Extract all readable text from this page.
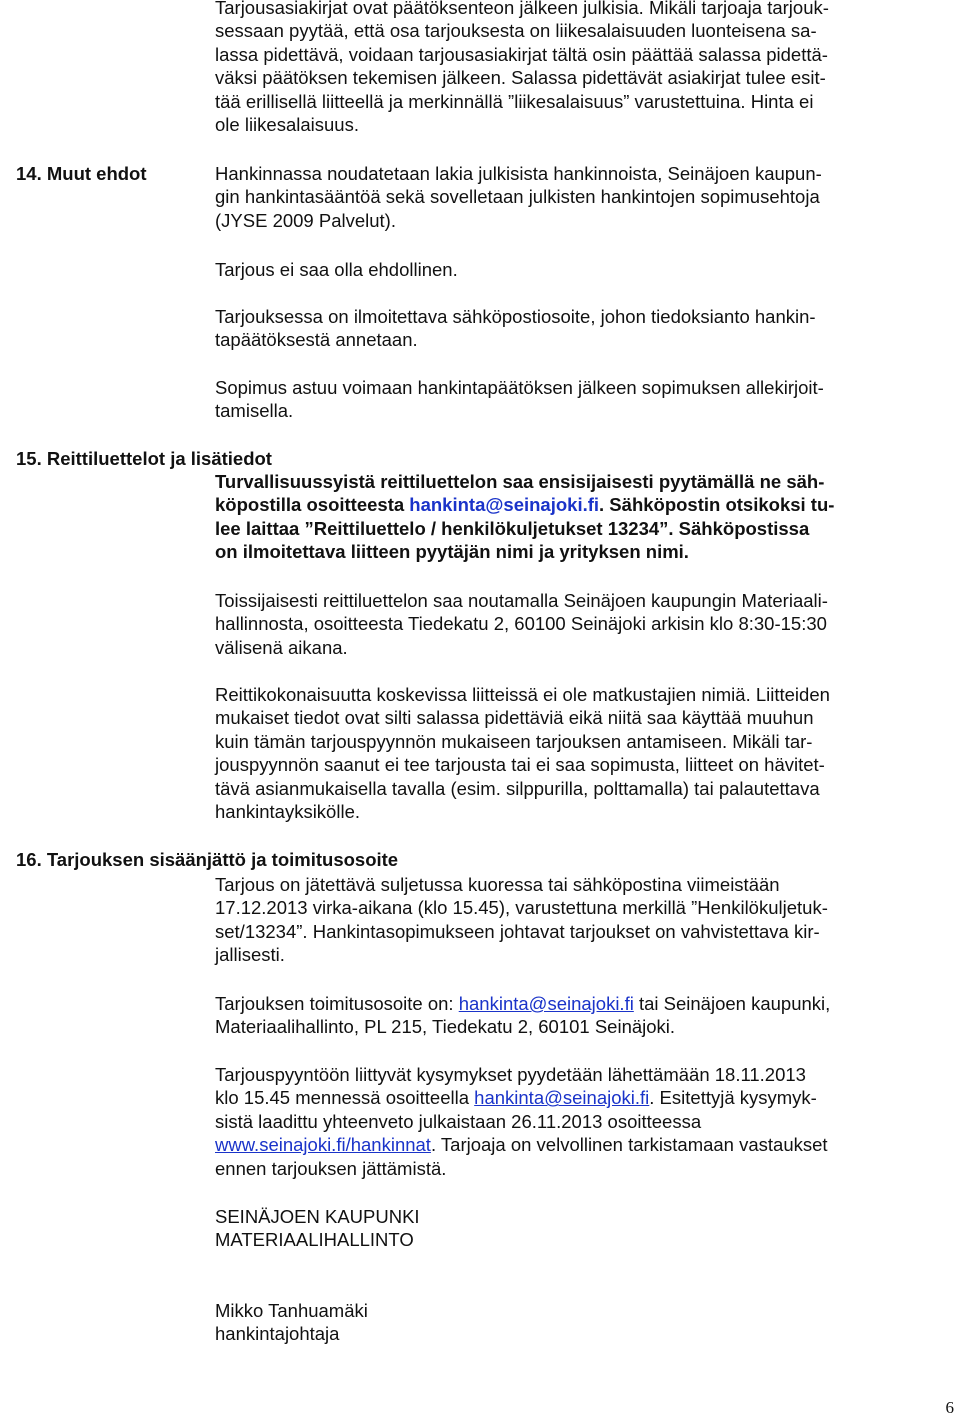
Tarjousasiakirjat ovat päätöksenteon jälkeen julkisia. Mikäli tarjoaja tarjouk-
sessaan pyytää, että osa tarjouksesta on liikesalaisuuden luonteisena sa-
lassa pidettävä, voidaan tarjousasiakirjat tältä osin päättää salassa pidettä-
väksi päätöksen tekemisen jälkeen. Salassa pidettävät asiakirjat tulee esit-
tää erillisellä liitteellä ja merkinnällä ”liikesalaisuus” varustettuina. Hinta ei
ole liikesalaisuus.
14. Muut ehdot	Hankinnassa noudatetaan lakia julkisista hankinnoista, Seinäjoen kaupun-
gin hankintasääntöä sekä sovelletaan julkisten hankintojen sopimusehtoja
(JYSE 2009 Palvelut).
Tarjous ei saa olla ehdollinen.
Tarjouksessa on ilmoitettava sähköpostiosoite, johon tiedoksianto hankin-
tapäätöksestä annetaan.
Sopimus astuu voimaan hankintapäätöksen jälkeen sopimuksen allekirjoit-
tamisella.
15. Reittiluettelot ja lisätiedot
Turvallisuussyistä reittiluettelon saa ensisijaisesti pyytämällä ne säh-
köpostilla osoitteesta hankinta@seinajoki.fi. Sähköpostin otsikoksi tu-
lee laittaa ”Reittiluettelo / henkilökuljetukset 13234”. Sähköpostissa
on ilmoitettava liitteen pyytäjän nimi ja yrityksen nimi.
Toissijaisesti reittiluettelon saa noutamalla Seinäjoen kaupungin Materiaali-
hallinnosta, osoitteesta Tiedekatu 2, 60100 Seinäjoki arkisin klo 8:30-15:30
välisenä aikana.
Reittikokonaisuutta koskevissa liitteissä ei ole matkustajien nimiä. Liitteiden
mukaiset tiedot ovat silti salassa pidettäviä eikä niitä saa käyttää muuhun
kuin tämän tarjouspyynnön mukaiseen tarjouksen antamiseen. Mikäli tar-
jouspyynnön saanut ei tee tarjousta tai ei saa sopimusta, liitteet on hävitet-
tävä asianmukaisella tavalla (esim. silppurilla, polttamalla) tai palautettava
hankintayksikölle.
16. Tarjouksen sisäänjättö ja toimitusosoite
Tarjous on jätettävä suljetussa kuoressa tai sähköpostina viimeistään
17.12.2013 virka-aikana (klo 15.45), varustettuna merkillä ”Henkilökuljetuk-
set/13234”. Hankintasopimukseen johtavat tarjoukset on vahvistettava kir-
jallisesti.
Tarjouksen toimitusosoite on: hankinta@seinajoki.fi tai Seinäjoen kaupunki,
Materiaalihallinto, PL 215, Tiedekatu 2, 60101 Seinäjoki.
Tarjouspyyntöön liittyvät kysymykset pyydetään lähettämään 18.11.2013
klo 15.45 mennessä osoitteella hankinta@seinajoki.fi. Esitettyjä kysymyk-
sistä laadittu yhteenveto julkaistaan 26.11.2013 osoitteessa
www.seinajoki.fi/hankinnat. Tarjoaja on velvollinen tarkistamaan vastaukset
ennen tarjouksen jättämistä.
SEINÄJOEN KAUPUNKI
MATERIAALIHALLINTO
Mikko Tanhuamäki
hankintajohtaja
6
